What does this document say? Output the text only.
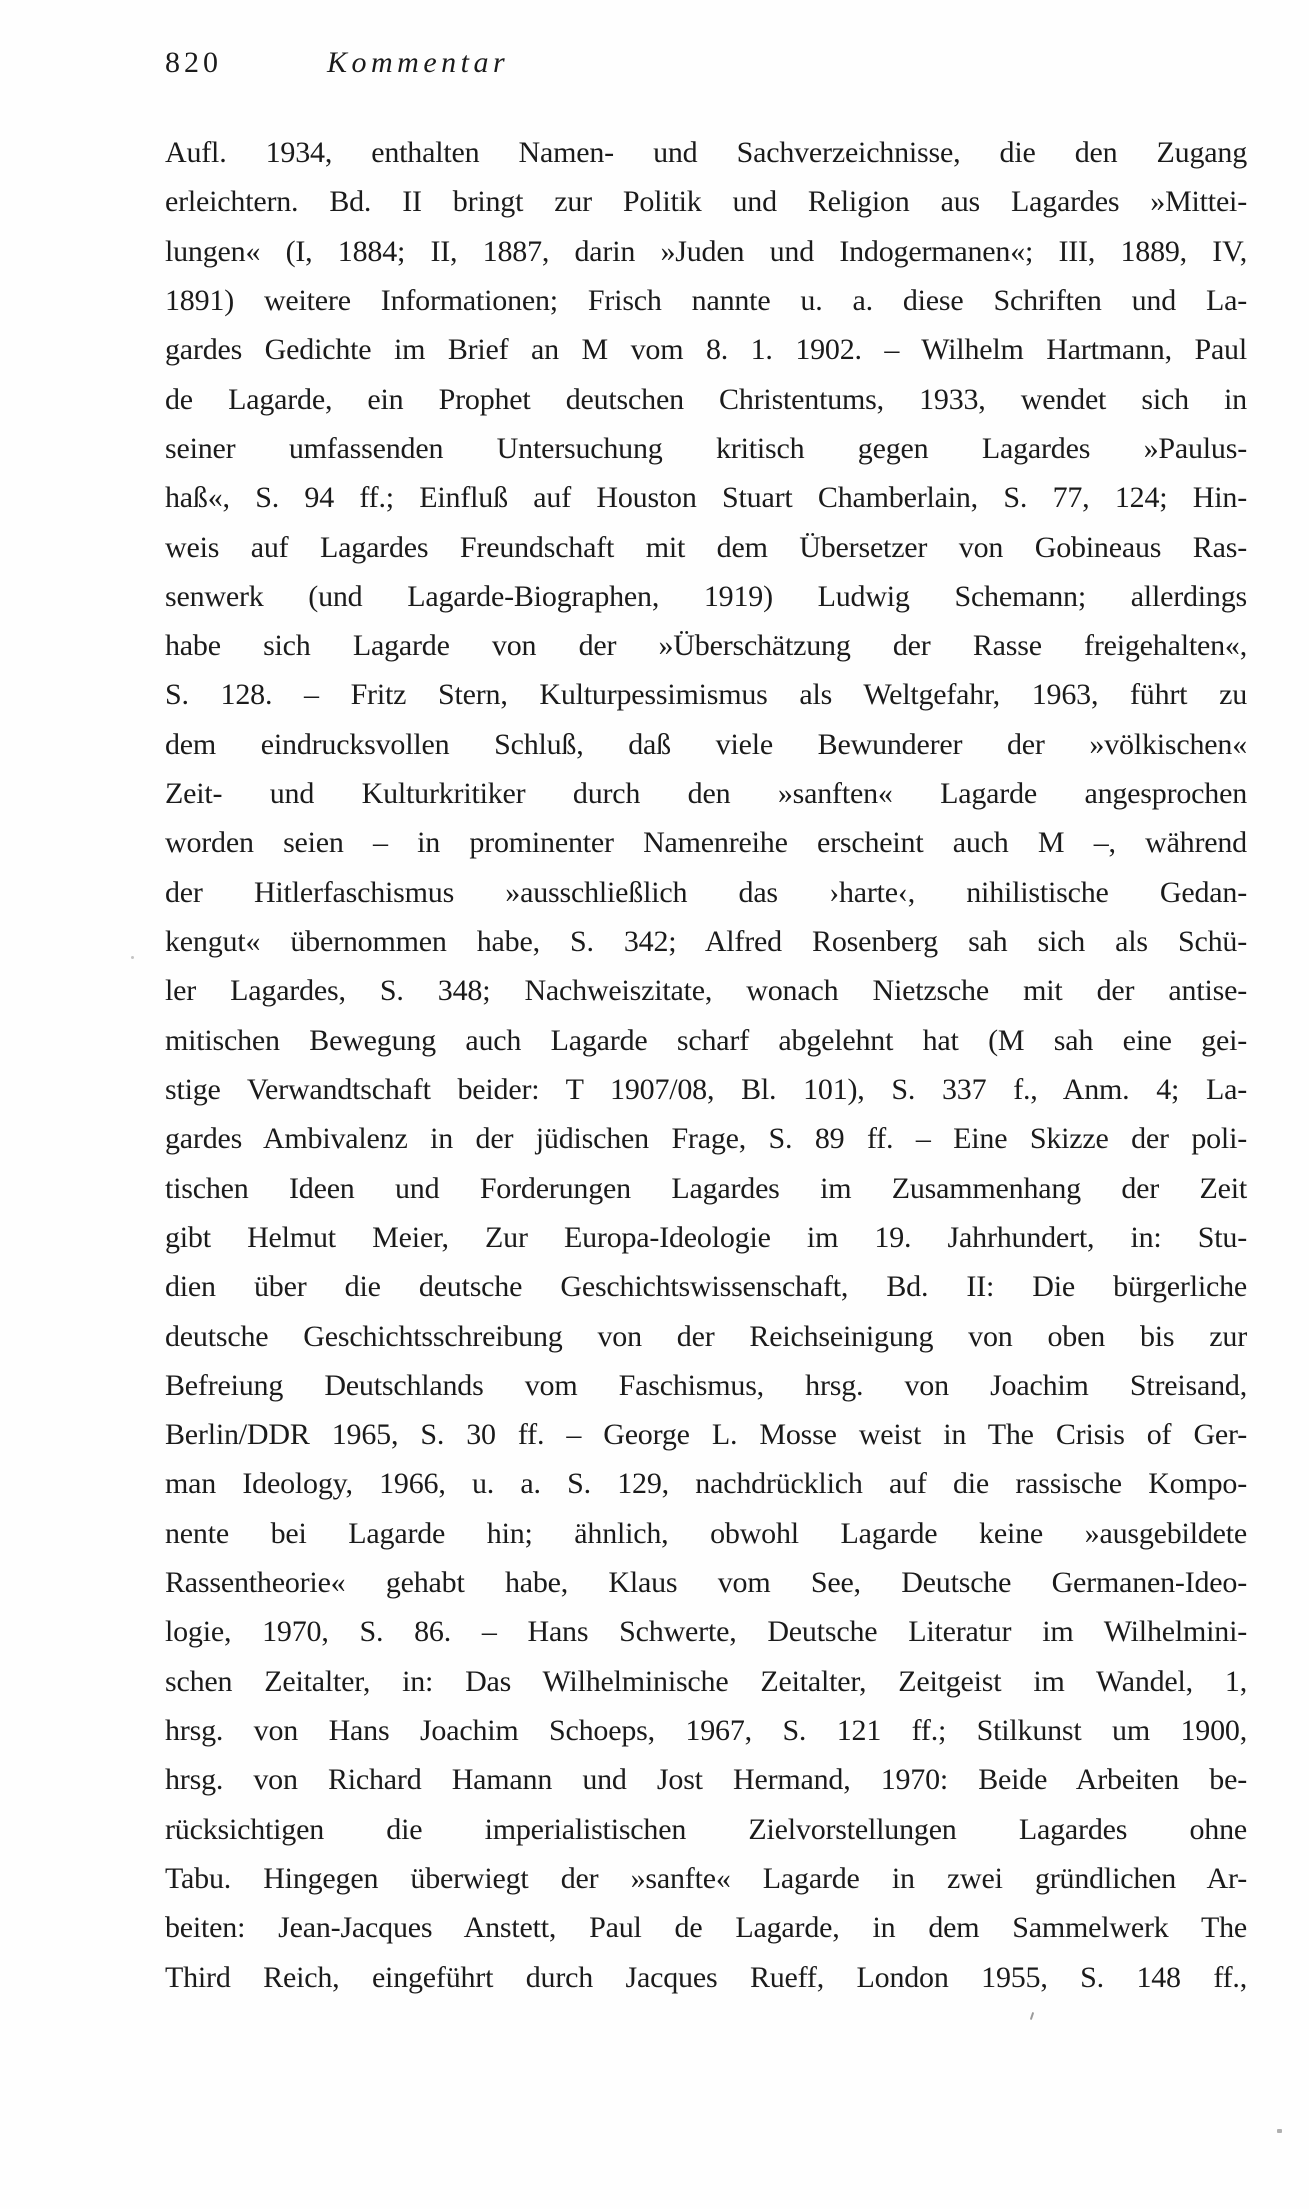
820	Kommentar
Aufl. 1934, enthalten Namen- und Sachverzeichnisse, die den Zugang
erleichtern. Bd. II bringt zur Politik und Religion aus Lagardes »Mittei-
lungen« (I, 1884; II, 1887, darin »Juden und Indogermanen«; III, 1889, IV,
1891) weitere Informationen; Frisch nannte u. a. diese Schriften und La-
gardes Gedichte im Brief an M vom 8. 1. 1902. – Wilhelm Hartmann, Paul
de Lagarde, ein Prophet deutschen Christentums, 1933, wendet sich in
seiner umfassenden Untersuchung kritisch gegen Lagardes »Paulus-
haß«, S. 94 ff.; Einfluß auf Houston Stuart Chamberlain, S. 77, 124; Hin-
weis auf Lagardes Freundschaft mit dem Übersetzer von Gobineaus Ras-
senwerk (und Lagarde-Biographen, 1919) Ludwig Schemann; allerdings
habe sich Lagarde von der »Überschätzung der Rasse freigehalten«,
S. 128. – Fritz Stern, Kulturpessimismus als Weltgefahr, 1963, führt zu
dem eindrucksvollen Schluß, daß viele Bewunderer der »völkischen«
Zeit- und Kulturkritiker durch den »sanften« Lagarde angesprochen
worden seien – in prominenter Namenreihe erscheint auch M –, während
der Hitlerfaschismus »ausschließlich das ›harte‹, nihilistische Gedan-
kengut« übernommen habe, S. 342; Alfred Rosenberg sah sich als Schü-
ler Lagardes, S. 348; Nachweiszitate, wonach Nietzsche mit der antise-
mitischen Bewegung auch Lagarde scharf abgelehnt hat (M sah eine gei-
stige Verwandtschaft beider: T 1907/08, Bl. 101), S. 337 f., Anm. 4; La-
gardes Ambivalenz in der jüdischen Frage, S. 89 ff. – Eine Skizze der poli-
tischen Ideen und Forderungen Lagardes im Zusammenhang der Zeit
gibt Helmut Meier, Zur Europa-Ideologie im 19. Jahrhundert, in: Stu-
dien über die deutsche Geschichtswissenschaft, Bd. II: Die bürgerliche
deutsche Geschichtsschreibung von der Reichseinigung von oben bis zur
Befreiung Deutschlands vom Faschismus, hrsg. von Joachim Streisand,
Berlin/DDR 1965, S. 30 ff. – George L. Mosse weist in The Crisis of Ger-
man Ideology, 1966, u. a. S. 129, nachdrücklich auf die rassische Kompo-
nente bei Lagarde hin; ähnlich, obwohl Lagarde keine »ausgebildete
Rassentheorie« gehabt habe, Klaus vom See, Deutsche Germanen-Ideo-
logie, 1970, S. 86. – Hans Schwerte, Deutsche Literatur im Wilhelmini-
schen Zeitalter, in: Das Wilhelminische Zeitalter, Zeitgeist im Wandel, 1,
hrsg. von Hans Joachim Schoeps, 1967, S. 121 ff.; Stilkunst um 1900,
hrsg. von Richard Hamann und Jost Hermand, 1970: Beide Arbeiten be-
rücksichtigen die imperialistischen Zielvorstellungen Lagardes ohne
Tabu. Hingegen überwiegt der »sanfte« Lagarde in zwei gründlichen Ar-
beiten: Jean-Jacques Anstett, Paul de Lagarde, in dem Sammelwerk The
Third Reich, eingeführt durch Jacques Rueff, London 1955, S. 148 ff.,
